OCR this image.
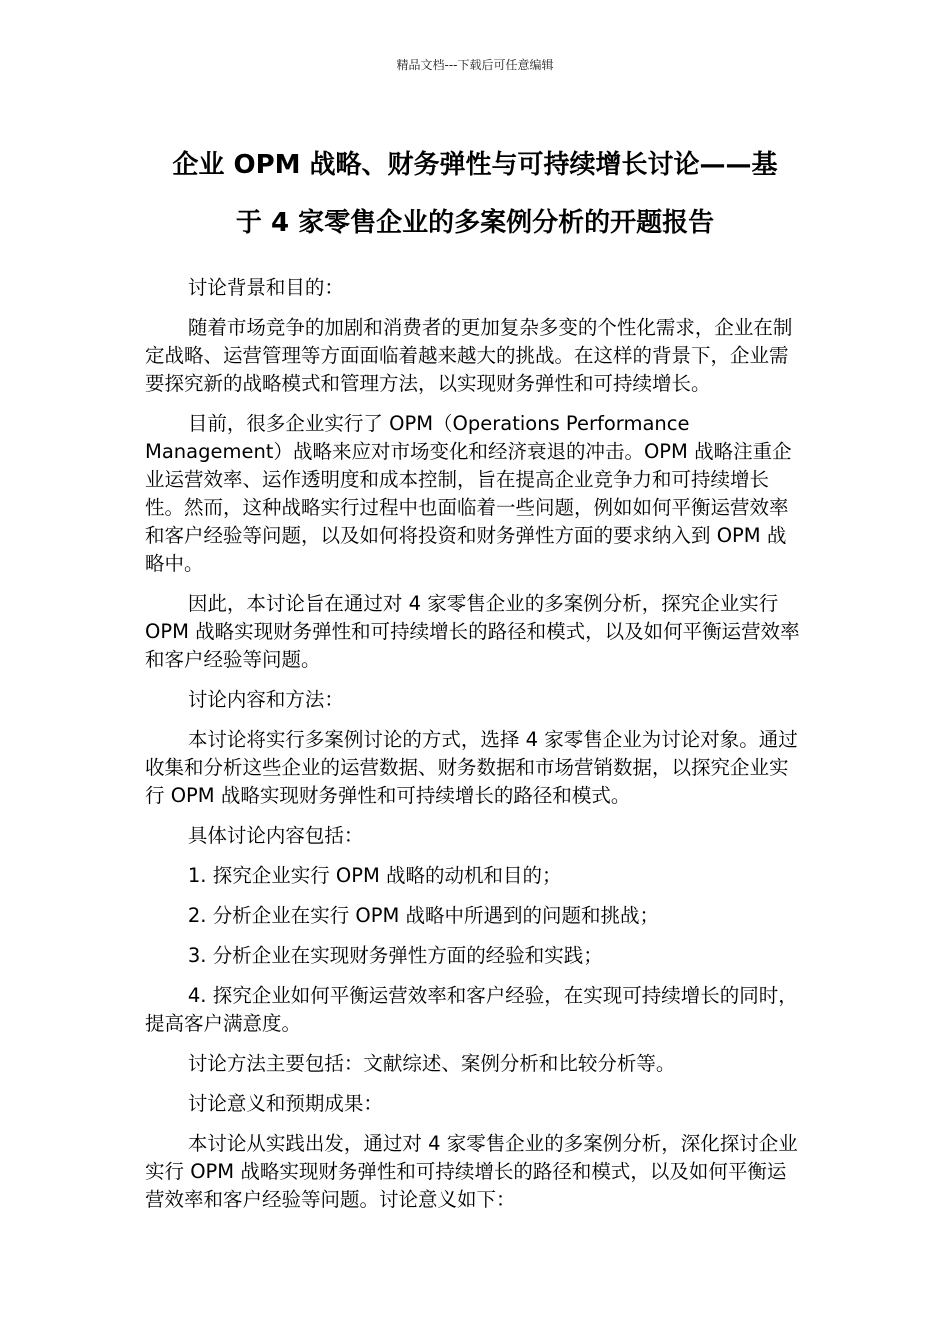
精品文档---下载后可任意编辑
企业 OPM 战略、财务弹性与可持续增长讨论——基
于 4 家零售企业的多案例分析的开题报告

讨论背景和目的：

随着市场竞争的加剧和消费者的更加复杂多变的个性化需求，企业在制定战略、运营管理等方面面临着越来越大的挑战。在这样的背景下，企业需要探究新的战略模式和管理方法，以实现财务弹性和可持续增长。

目前，很多企业实行了 OPM（Operations Performance Management）战略来应对市场变化和经济衰退的冲击。OPM 战略注重企业运营效率、运作透明度和成本控制，旨在提高企业竞争力和可持续增长性。然而，这种战略实行过程中也面临着一些问题，例如如何平衡运营效率和客户经验等问题，以及如何将投资和财务弹性方面的要求纳入到 OPM 战略中。

因此，本讨论旨在通过对 4 家零售企业的多案例分析，探究企业实行 OPM 战略实现财务弹性和可持续增长的路径和模式，以及如何平衡运营效率和客户经验等问题。

讨论内容和方法：

本讨论将实行多案例讨论的方式，选择 4 家零售企业为讨论对象。通过收集和分析这些企业的运营数据、财务数据和市场营销数据，以探究企业实行 OPM 战略实现财务弹性和可持续增长的路径和模式。

具体讨论内容包括：

1. 探究企业实行 OPM 战略的动机和目的；

2. 分析企业在实行 OPM 战略中所遇到的问题和挑战；

3. 分析企业在实现财务弹性方面的经验和实践；

4. 探究企业如何平衡运营效率和客户经验，在实现可持续增长的同时，提高客户满意度。

讨论方法主要包括：文献综述、案例分析和比较分析等。

讨论意义和预期成果：

本讨论从实践出发，通过对 4 家零售企业的多案例分析，深化探讨企业实行 OPM 战略实现财务弹性和可持续增长的路径和模式，以及如何平衡运营效率和客户经验等问题。讨论意义如下：
